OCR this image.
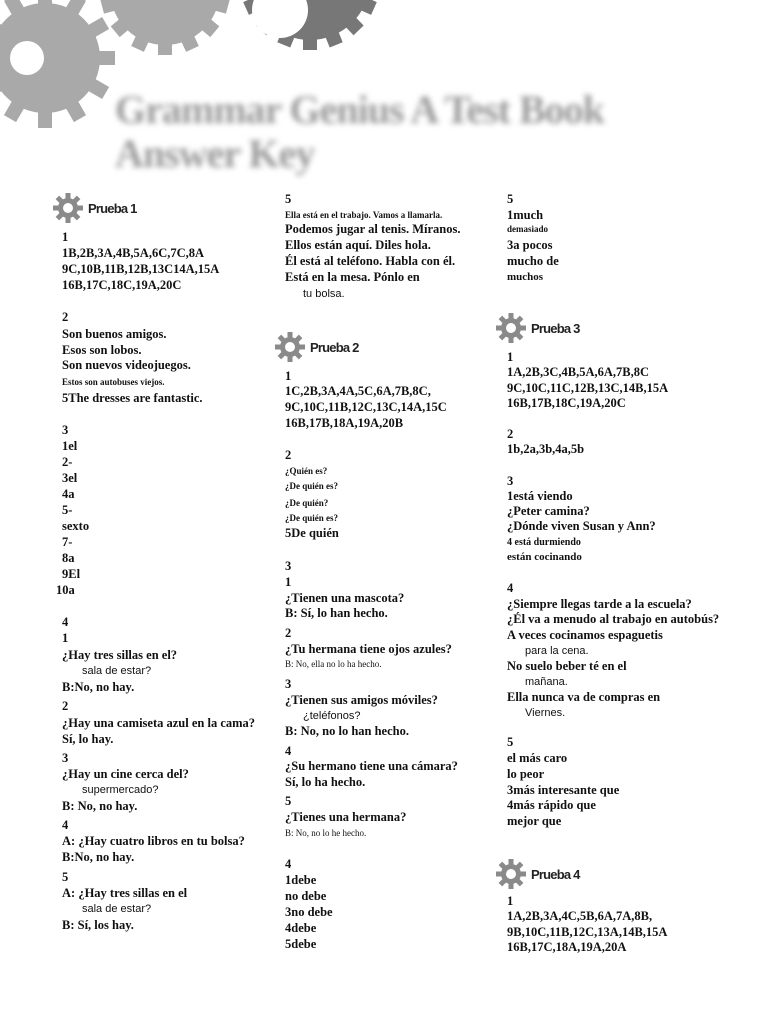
Grammar Genius A Test Book Answer Key
Prueba 1
Prueba 2
Prueba 3
Prueba 4
1
1B,2B,3A,4B,5A,6C,7C,8A
9C,10B,11B,12B,13C14A,15A
16B,17C,18C,19A,20C
2
Son buenos amigos.
Esos son lobos.
Son nuevos videojuegos.
Estos son autobuses viejos.
5The dresses are fantastic.
3
1el
2-
3el
4a
5-
sexto
7-
8a
9El
10a
4
1
¿Hay tres sillas en el?
sala de estar?
B:No, no hay.
2
¿Hay una camiseta azul en la cama?
Sí, lo hay.
3
¿Hay un cine cerca del?
supermercado?
B: No, no hay.
4
A: ¿Hay cuatro libros en tu bolsa?
B:No, no hay.
5
A: ¿Hay tres sillas en el
sala de estar?
B: Sí, los hay.
5
Ella está en el trabajo. Vamos a llamarla.
Podemos jugar al tenis. Míranos.
Ellos están aquí. Diles hola.
Él está al teléfono. Habla con él.
Está en la mesa. Pónlo en
tu bolsa.
1
1C,2B,3A,4A,5C,6A,7B,8C,
9C,10C,11B,12C,13C,14A,15C
16B,17B,18A,19A,20B
2
¿Quién es?
¿De quién es?
¿De quién?
¿De quién es?
5De quién
3
1
¿Tienen una mascota?
B: Sí, lo han hecho.
2
¿Tu hermana tiene ojos azules?
B: No, ella no lo ha hecho.
3
¿Tienen sus amigos móviles?
¿teléfonos?
B: No, no lo han hecho.
4
¿Su hermano tiene una cámara?
Sí, lo ha hecho.
5
¿Tienes una hermana?
B: No, no lo he hecho.
4
1debe
no debe
3no debe
4debe
5debe
5
1much
demasiado
3a pocos
mucho de
muchos
1
1A,2B,3C,4B,5A,6A,7B,8C
9C,10C,11C,12B,13C,14B,15A
16B,17B,18C,19A,20C
2
1b,2a,3b,4a,5b
3
1está viendo
¿Peter camina?
¿Dónde viven Susan y Ann?
4 está durmiendo
están cocinando
4
¿Siempre llegas tarde a la escuela?
¿Él va a menudo al trabajo en autobús?
A veces cocinamos espaguetis
para la cena.
No suelo beber té en el
mañana.
Ella nunca va de compras en
Viernes.
5
el más caro
lo peor
3más interesante que
4más rápido que
mejor que
1
1A,2B,3A,4C,5B,6A,7A,8B,
9B,10C,11B,12C,13A,14B,15A
16B,17C,18A,19A,20A
